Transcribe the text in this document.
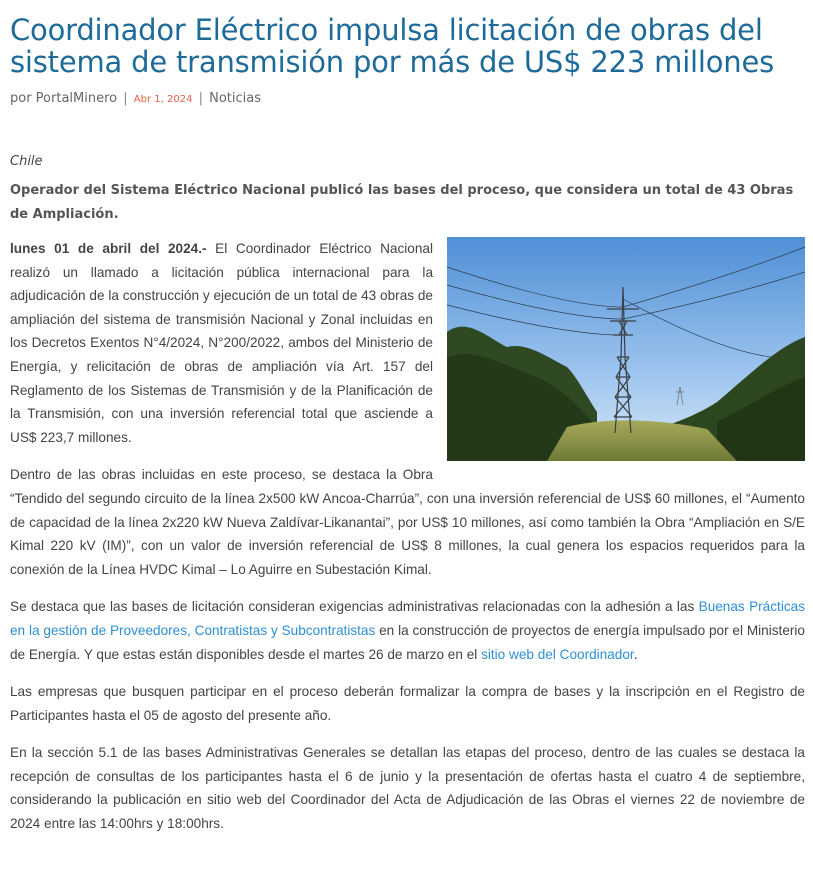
Coordinador Eléctrico impulsa licitación de obras del sistema de transmisión por más de US$ 223 millones
por PortalMinero | Abr 1, 2024 | Noticias
Chile
Operador del Sistema Eléctrico Nacional publicó las bases del proceso, que considera un total de 43 Obras de Ampliación.

lunes 01 de abril del 2024.- El Coordinador Eléctrico Nacional realizó un llamado a licitación pública internacional para la adjudicación de la construcción y ejecución de un total de 43 obras de ampliación del sistema de transmisión Nacional y Zonal incluidas en los Decretos Exentos N°4/2024, N°200/2022, ambos del Ministerio de Energía, y relicitación de obras de ampliación vía Art. 157 del Reglamento de los Sistemas de Transmisión y de la Planificación de la Transmisión, con una inversión referencial total que asciende a US$ 223,7 millones.

Dentro de las obras incluidas en este proceso, se destaca la Obra “Tendido del segundo circuito de la línea 2x500 kW Ancoa-Charrúa”, con una inversión referencial de US$ 60 millones, el “Aumento de capacidad de la línea 2x220 kW Nueva Zaldívar-Likanantai”, por US$ 10 millones, así como también la Obra “Ampliación en S/E Kimal 220 kV (IM)”, con un valor de inversión referencial de US$ 8 millones, la cual genera los espacios requeridos para la conexión de la Línea HVDC Kimal – Lo Aguirre en Subestación Kimal.

Se destaca que las bases de licitación consideran exigencias administrativas relacionadas con la adhesión a las Buenas Prácticas en la gestión de Proveedores, Contratistas y Subcontratistas en la construcción de proyectos de energía impulsado por el Ministerio de Energía. Y que estas están disponibles desde el martes 26 de marzo en el sitio web del Coordinador.

Las empresas que busquen participar en el proceso deberán formalizar la compra de bases y la inscripción en el Registro de Participantes hasta el 05 de agosto del presente año.

En la sección 5.1 de las bases Administrativas Generales se detallan las etapas del proceso, dentro de las cuales se destaca la recepción de consultas de los participantes hasta el 6 de junio y la presentación de ofertas hasta el cuatro 4 de septiembre, considerando la publicación en sitio web del Coordinador del Acta de Adjudicación de las Obras el viernes 22 de noviembre de 2024 entre las 14:00hrs y 18:00hrs.
